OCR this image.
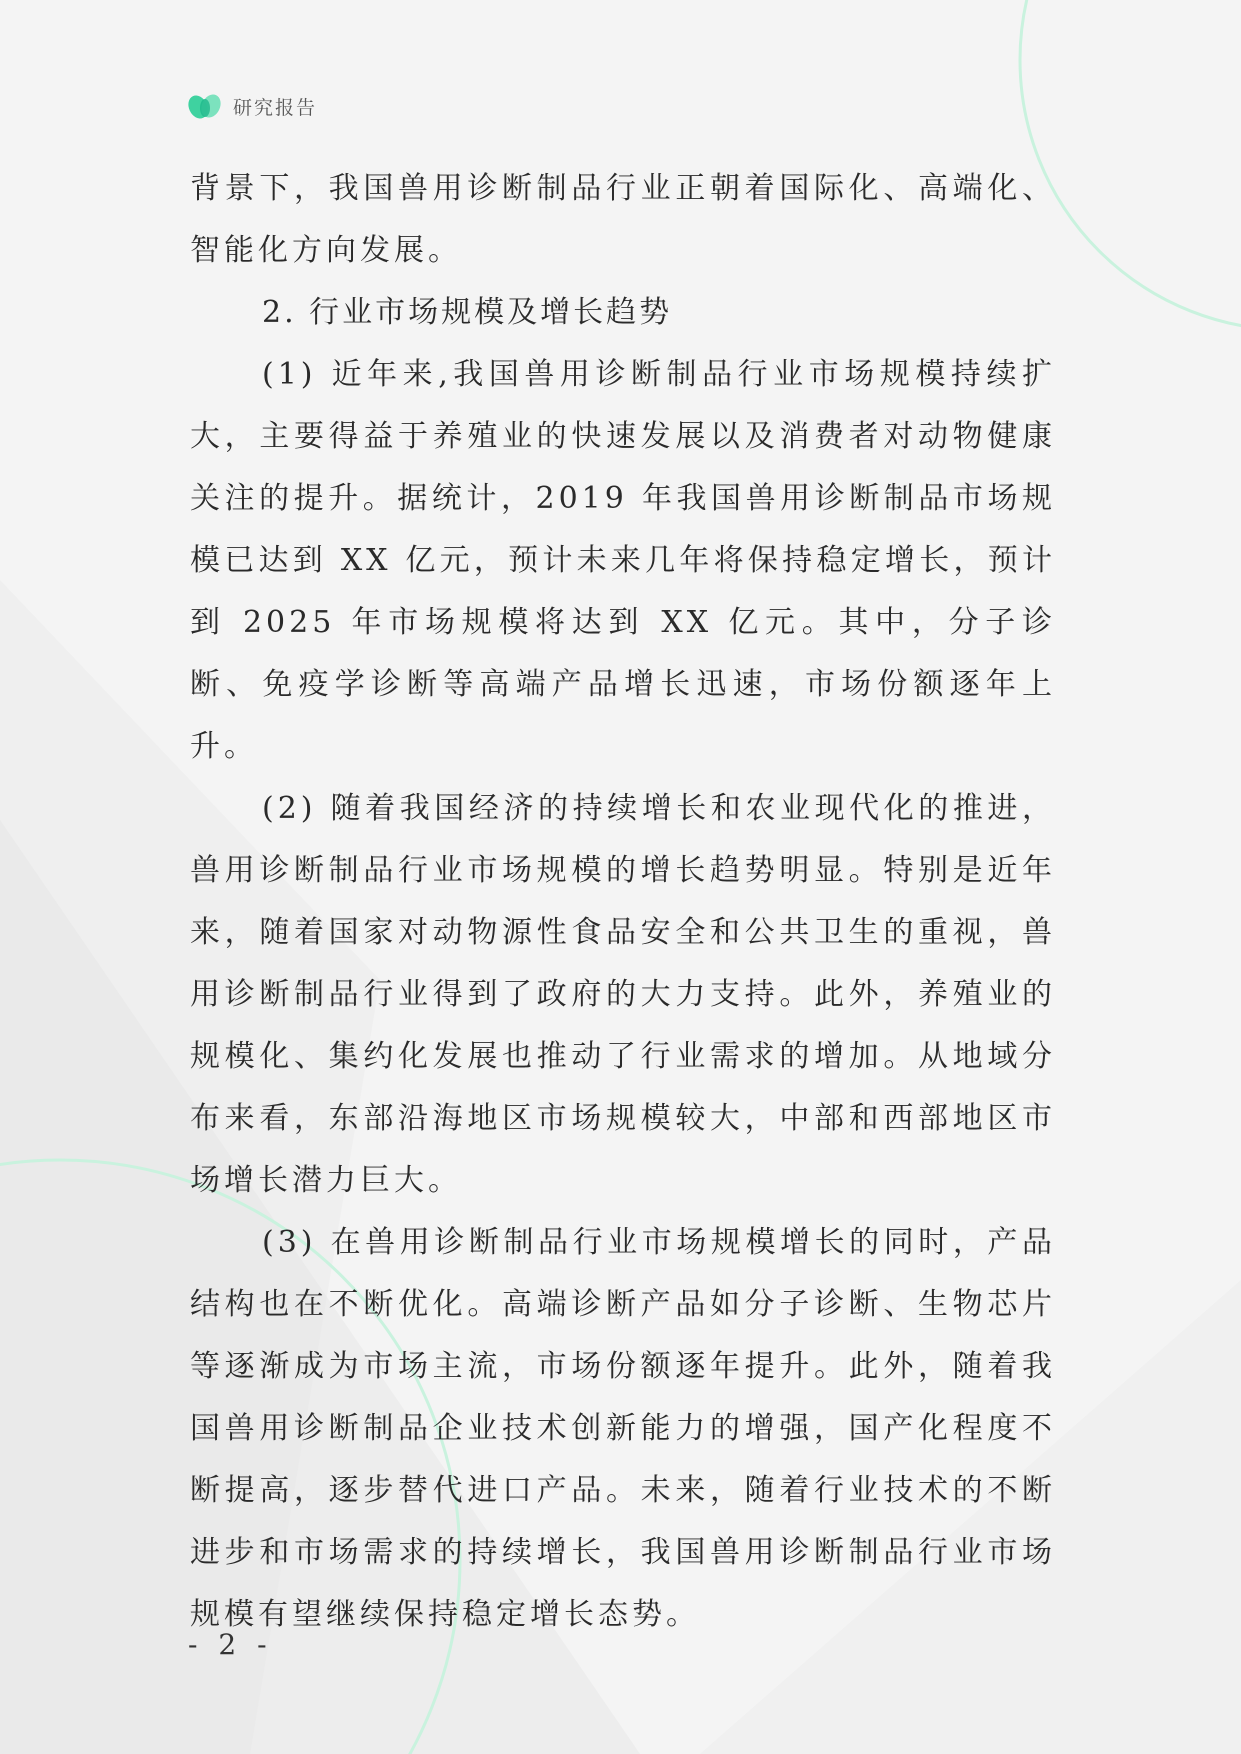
研究报告

背景下，我国兽用诊断制品行业正朝着国际化、高端化、智能化方向发展。

2. 行业市场规模及增长趋势

(1) 近年来,我国兽用诊断制品行业市场规模持续扩大，主要得益于养殖业的快速发展以及消费者对动物健康关注的提升。据统计，2019 年我国兽用诊断制品市场规模已达到 XX 亿元，预计未来几年将保持稳定增长，预计到 2025 年市场规模将达到 XX 亿元。其中，分子诊断、免疫学诊断等高端产品增长迅速，市场份额逐年上升。

(2) 随着我国经济的持续增长和农业现代化的推进，兽用诊断制品行业市场规模的增长趋势明显。特别是近年来，随着国家对动物源性食品安全和公共卫生的重视，兽用诊断制品行业得到了政府的大力支持。此外，养殖业的规模化、集约化发展也推动了行业需求的增加。从地域分布来看，东部沿海地区市场规模较大，中部和西部地区市场增长潜力巨大。

(3) 在兽用诊断制品行业市场规模增长的同时，产品结构也在不断优化。高端诊断产品如分子诊断、生物芯片等逐渐成为市场主流，市场份额逐年提升。此外，随着我国兽用诊断制品企业技术创新能力的增强，国产化程度不断提高，逐步替代进口产品。未来，随着行业技术的不断进步和市场需求的持续增长，我国兽用诊断制品行业市场规模有望继续保持稳定增长态势。

- 2 -
